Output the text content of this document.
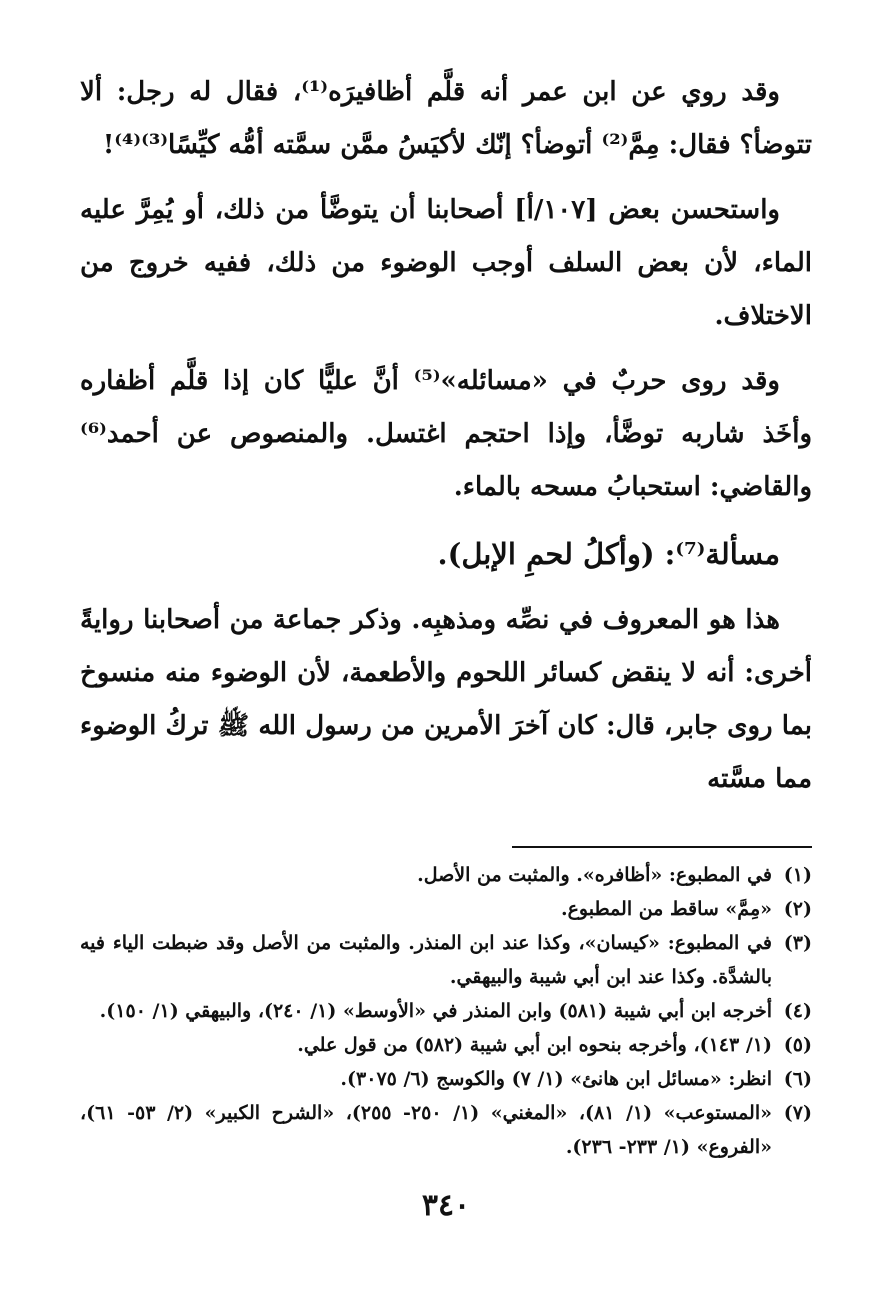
وقد روي عن ابن عمر أنه قلَّم أظافيرَه⁽¹⁾، فقال له رجل: ألا تتوضأ؟ فقال: مِمَّ⁽²⁾ أتوضأ؟ إنّك لأكيَسُ ممَّن سمَّته أمُّه كيِّسًا⁽³⁾⁽⁴⁾!

واستحسن بعض [١٠٧/أ] أصحابنا أن يتوضَّأ من ذلك، أو يُمِرَّ عليه الماء، لأن بعض السلف أوجب الوضوء من ذلك، ففيه خروج من الاختلاف.

وقد روى حربٌ في «مسائله»⁽⁵⁾ أنَّ عليًّا كان إذا قلَّم أظفاره وأخَذ شاربه توضَّأ، وإذا احتجم اغتسل. والمنصوص عن أحمد⁽⁶⁾ والقاضي: استحبابُ مسحه بالماء.

مسألة⁽⁷⁾: (وأكلُ لحمِ الإبل).

هذا هو المعروف في نصِّه ومذهبِه. وذكر جماعة من أصحابنا روايةً أخرى: أنه لا ينقض كسائر اللحوم والأطعمة، لأن الوضوء منه منسوخ بما روى جابر، قال: كان آخرَ الأمرين من رسول الله ﷺ تركُ الوضوء مما مسَّته

(١)
في المطبوع: «أظافره». والمثبت من الأصل.
(٢)
«مِمَّ» ساقط من المطبوع.
(٣)
في المطبوع: «كيسان»، وكذا عند ابن المنذر. والمثبت من الأصل وقد ضبطت الياء فيه بالشدَّة. وكذا عند ابن أبي شيبة والبيهقي.
(٤)
أخرجه ابن أبي شيبة (٥٨١) وابن المنذر في «الأوسط» (١/ ٢٤٠)، والبيهقي (١/ ١٥٠).
(٥)
(١/ ١٤٣)، وأخرجه بنحوه ابن أبي شيبة (٥٨٢) من قول علي.
(٦)
انظر: «مسائل ابن هانئ» (١/ ٧) والكوسج (٦/ ٣٠٧٥).
(٧)
«المستوعب» (١/ ٨١)، «المغني» (١/ ٢٥٠- ٢٥٥)، «الشرح الكبير» (٢/ ٥٣- ٦١)، «الفروع» (١/ ٢٣٣- ٢٣٦).
٣٤٠
